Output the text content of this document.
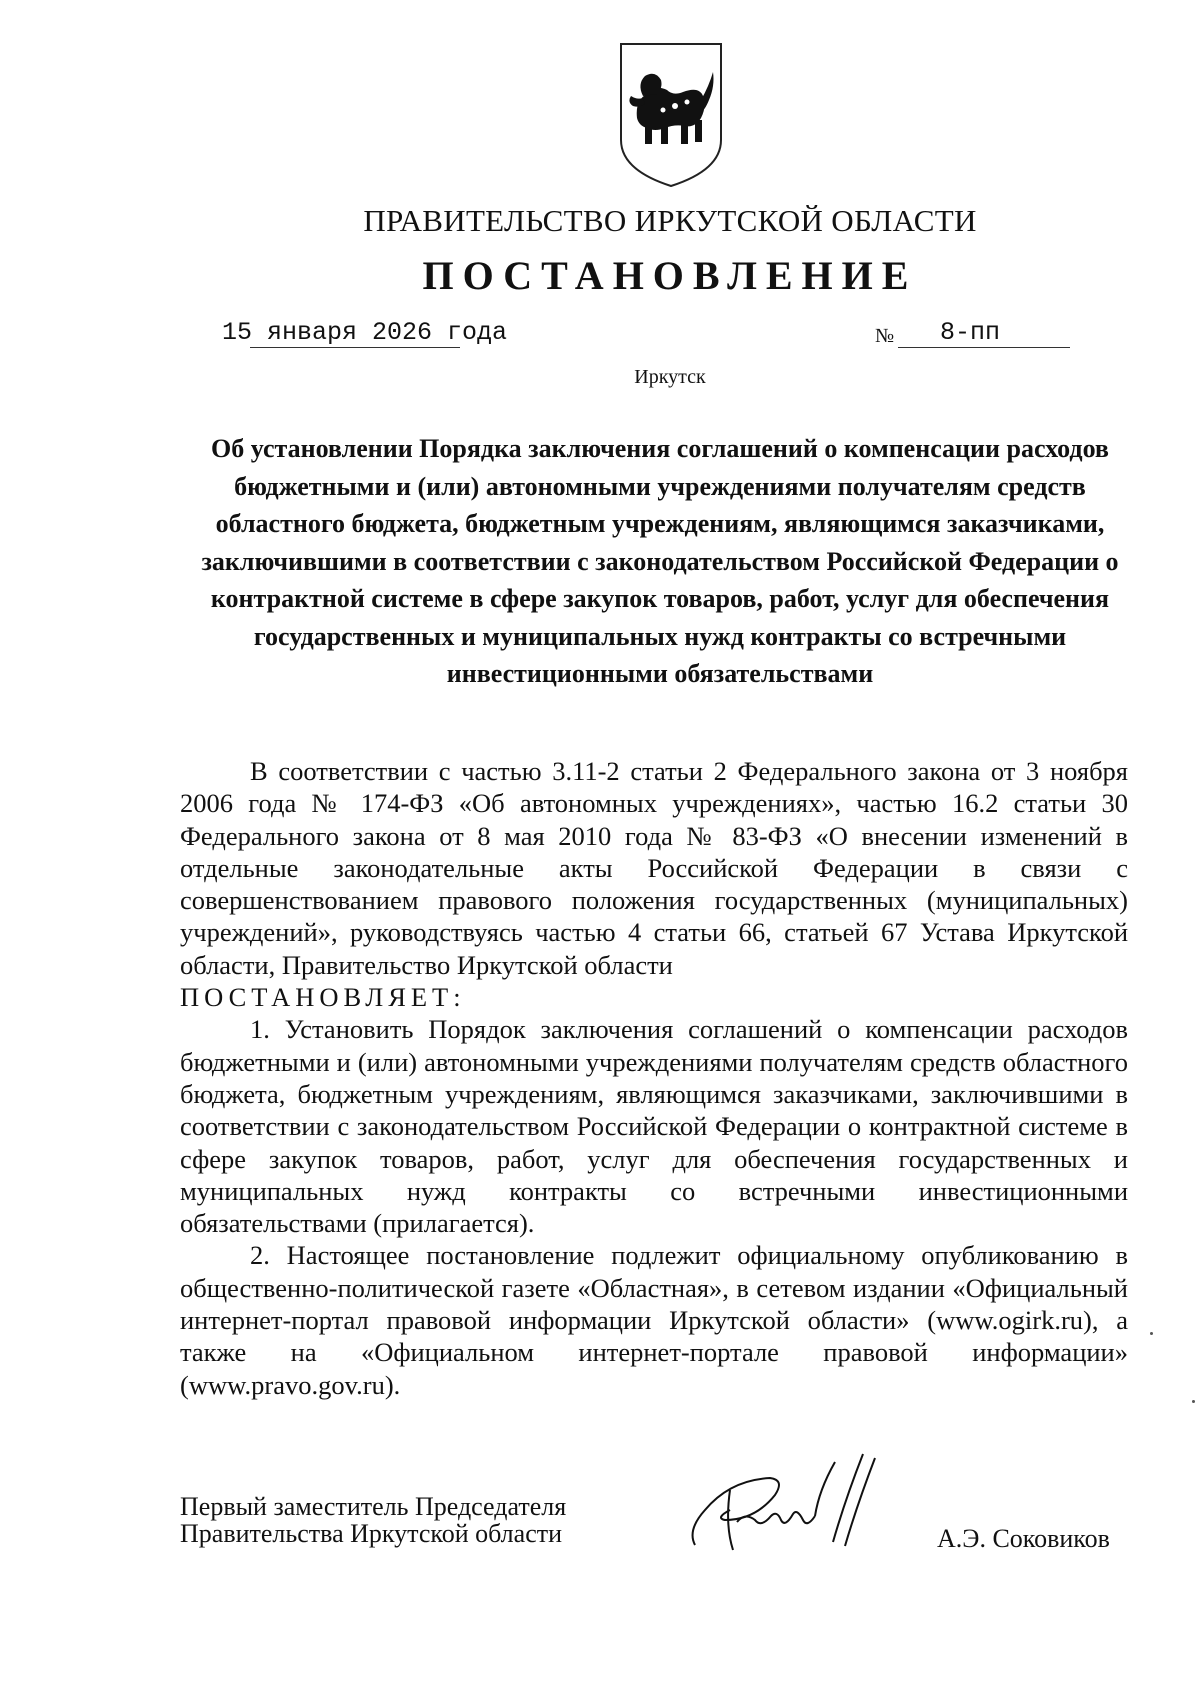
ПРАВИТЕЛЬСТВО ИРКУТСКОЙ ОБЛАСТИ
ПОСТАНОВЛЕНИЕ
15 января 2026 года	№ 8-пп
Иркутск

Об установлении Порядка заключения соглашений о компенсации расходов бюджетными и (или) автономными учреждениями получателям средств областного бюджета, бюджетным учреждениям, являющимся заказчиками, заключившими в соответствии с законодательством Российской Федерации о контрактной системе в сфере закупок товаров, работ, услуг для обеспечения государственных и муниципальных нужд контракты со встречными инвестиционными обязательствами

В соответствии с частью 3.11-2 статьи 2 Федерального закона от 3 ноября 2006 года № 174-ФЗ «Об автономных учреждениях», частью 16.2 статьи 30 Федерального закона от 8 мая 2010 года № 83-ФЗ «О внесении изменений в отдельные законодательные акты Российской Федерации в связи с совершенствованием правового положения государственных (муниципальных) учреждений», руководствуясь частью 4 статьи 66, статьей 67 Устава Иркутской области, Правительство Иркутской области

ПОСТАНОВЛЯЕТ:

1. Установить Порядок заключения соглашений о компенсации расходов бюджетными и (или) автономными учреждениями получателям средств областного бюджета, бюджетным учреждениям, являющимся заказчиками, заключившими в соответствии с законодательством Российской Федерации о контрактной системе в сфере закупок товаров, работ, услуг для обеспечения государственных и муниципальных нужд контракты со встречными инвестиционными обязательствами (прилагается).

2. Настоящее постановление подлежит официальному опубликованию в общественно-политической газете «Областная», в сетевом издании «Официальный интернет-портал правовой информации Иркутской области» (www.ogirk.ru), а также на «Официальном интернет-портале правовой информации» (www.pravo.gov.ru).

Первый заместитель Председателя
Правительства Иркутской области	А.Э. Соковиков
